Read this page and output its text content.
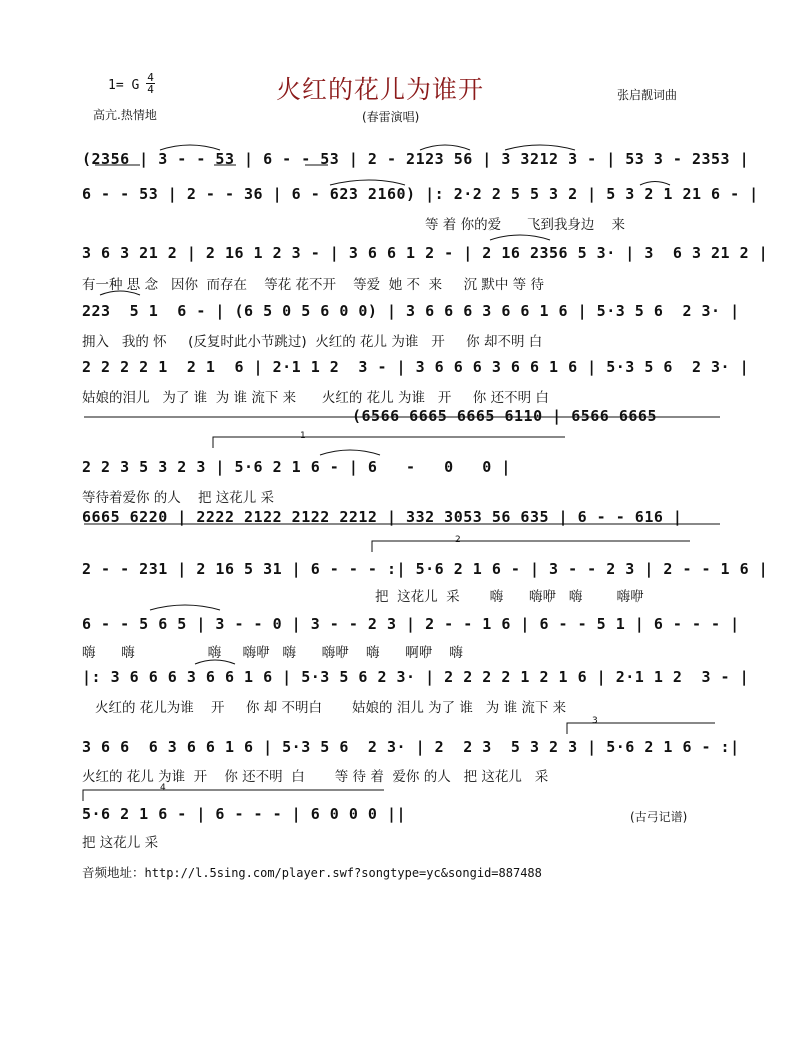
1= G
4
4
高亢.热情地
火红的花儿为谁开	张启靓词曲
(春雷演唱)
(2356 | 3 - - 53 | 6 - - 53 | 2 - 2123 56 | 3 3212 3 - | 53 3 - 2353 |
6 - - 53 | 2 - - 36 | 6 - 623 2160) |: 2·2 2 5 5 3 2 | 5 3 2 1 21 6 - |
等 着 你的爱      飞到我身边    来
3 6 3 21 2 | 2 16 1 2 3 - | 3 6 6 1 2 - | 2 16 2356 5 3· | 3  6 3 21 2 |
有一种 思 念   因你  而存在    等花 花不开    等爱  她 不  来     沉 默中 等 待
223  5 1  6 - | (6 5 0 5 6 0 0) | 3 6 6 6 3 6 6 1 6 | 5·3 5 6  2 3· |
拥入   我的 怀     (反复时此小节跳过)  火红的 花儿 为谁   开     你 却不明 白
2 2 2 2 1  2 1  6 | 2·1 1 2  3 - | 3 6 6 6 3 6 6 1 6 | 5·3 5 6  2 3· |
姑娘的泪儿   为了 谁  为 谁 流下 来      火红的 花儿 为谁   开     你 还不明 白
(6566 6665 6665 6110 | 6566 6665
1
2 2 3 5 3 2 3 | 5·6 2 1 6 - | 6   -   0   0 |
等待着爱你 的人    把 这花儿 采
6665 6220 | 2222 2122 2122 2212 | 332 3053 56 635 | 6 - - 616 |
2
2 - - 231 | 2 16 5 31 | 6 - - - :| 5·6 2 1 6 - | 3 - - 2 3 | 2 - - 1 6 |
把  这花儿  采       嗨      嗨咿   嗨        嗨咿
6 - - 5 6 5 | 3 - - 0 | 3 - - 2 3 | 2 - - 1 6 | 6 - - 5 1 | 6 - - - |
嗨      嗨                 嗨     嗨咿   嗨      嗨咿    嗨      啊咿    嗨
|: 3 6 6 6 3 6 6 1 6 | 5·3 5 6 2 3· | 2 2 2 2 1 2 1 6 | 2·1 1 2  3 - |
火红的 花儿为谁    开     你 却 不明白       姑娘的 泪儿 为了 谁   为 谁 流下 来
3
3 6 6  6 3 6 6 1 6 | 5·3 5 6  2 3· | 2  2 3  5 3 2 3 | 5·6 2 1 6 - :|
火红的 花儿 为谁  开    你 还不明  白       等 待 着  爱你 的人   把 这花儿   采
4
5·6 2 1 6 - | 6 - - - | 6 0 0 0 ||
把 这花儿 采
(古弓记谱)
音频地址：http://l.5sing.com/player.swf?songtype=yc&songid=887488
